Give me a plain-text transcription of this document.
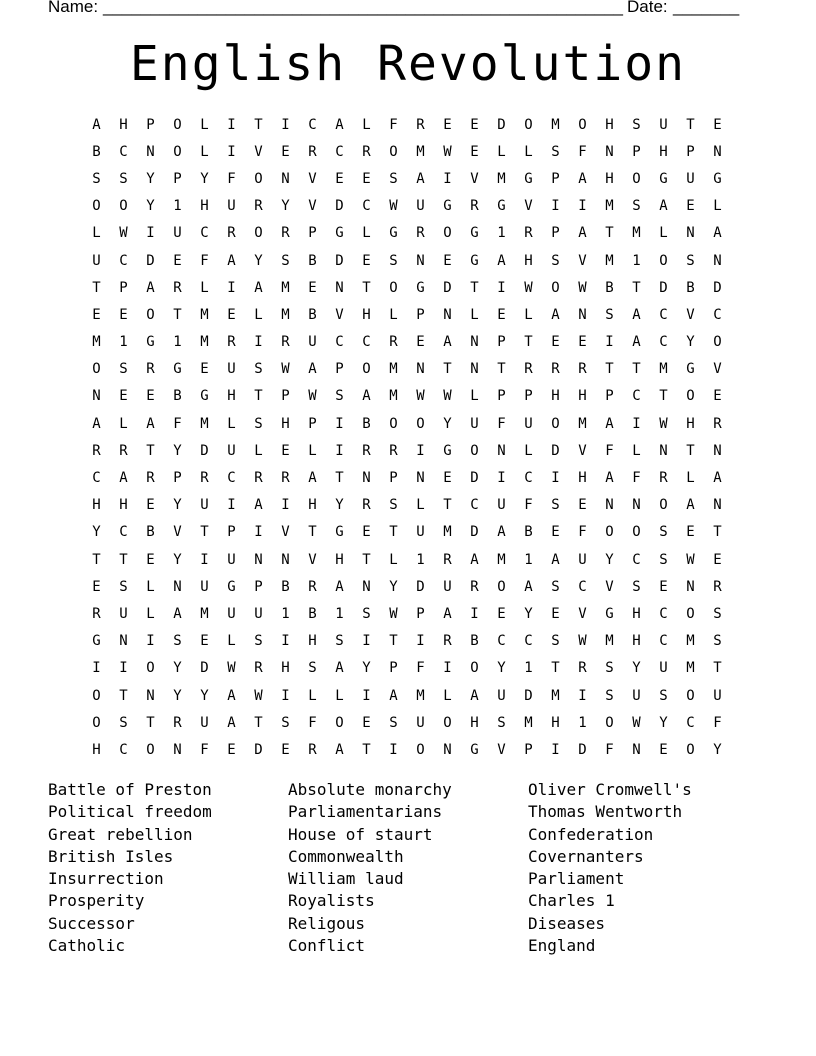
Name:

_______________________________________________________

Date:

_______

English Revolution
A	H	P	O	L	I	T	I	C	A	L	F	R	E	E	D	O	M	O	H	S	U	T	E
B	C	N	O	L	I	V	E	R	C	R	O	M	W	E	L	L	S	F	N	P	H	P	N
S	S	Y	P	Y	F	O	N	V	E	E	S	A	I	V	M	G	P	A	H	O	G	U	G
O	O	Y	1	H	U	R	Y	V	D	C	W	U	G	R	G	V	I	I	M	S	A	E	L
L	W	I	U	C	R	O	R	P	G	L	G	R	O	G	1	R	P	A	T	M	L	N	A
U	C	D	E	F	A	Y	S	B	D	E	S	N	E	G	A	H	S	V	M	1	O	S	N
T	P	A	R	L	I	A	M	E	N	T	O	G	D	T	I	W	O	W	B	T	D	B	D
E	E	O	T	M	E	L	M	B	V	H	L	P	N	L	E	L	A	N	S	A	C	V	C
M	1	G	1	M	R	I	R	U	C	C	R	E	A	N	P	T	E	E	I	A	C	Y	O
O	S	R	G	E	U	S	W	A	P	O	M	N	T	N	T	R	R	R	T	T	M	G	V
N	E	E	B	G	H	T	P	W	S	A	M	W	W	L	P	P	H	H	P	C	T	O	E
A	L	A	F	M	L	S	H	P	I	B	O	O	Y	U	F	U	O	M	A	I	W	H	R
R	R	T	Y	D	U	L	E	L	I	R	R	I	G	O	N	L	D	V	F	L	N	T	N
C	A	R	P	R	C	R	R	A	T	N	P	N	E	D	I	C	I	H	A	F	R	L	A
H	H	E	Y	U	I	A	I	H	Y	R	S	L	T	C	U	F	S	E	N	N	O	A	N
Y	C	B	V	T	P	I	V	T	G	E	T	U	M	D	A	B	E	F	O	O	S	E	T
T	T	E	Y	I	U	N	N	V	H	T	L	1	R	A	M	1	A	U	Y	C	S	W	E
E	S	L	N	U	G	P	B	R	A	N	Y	D	U	R	O	A	S	C	V	S	E	N	R
R	U	L	A	M	U	U	1	B	1	S	W	P	A	I	E	Y	E	V	G	H	C	O	S
G	N	I	S	E	L	S	I	H	S	I	T	I	R	B	C	C	S	W	M	H	C	M	S
I	I	O	Y	D	W	R	H	S	A	Y	P	F	I	O	Y	1	T	R	S	Y	U	M	T
O	T	N	Y	Y	A	W	I	L	L	I	A	M	L	A	U	D	M	I	S	U	S	O	U
O	S	T	R	U	A	T	S	F	O	E	S	U	O	H	S	M	H	1	O	W	Y	C	F
H	C	O	N	F	E	D	E	R	A	T	I	O	N	G	V	P	I	D	F	N	E	O	Y
Battle of Preston
Political freedom
Great rebellion
British Isles
Insurrection
Prosperity
Successor
Catholic
Absolute monarchy
Parliamentarians
House of staurt
Commonwealth
William laud
Royalists
Religous
Conflict
Oliver Cromwell's
Thomas Wentworth
Confederation
Covernanters
Parliament
Charles 1
Diseases
England
